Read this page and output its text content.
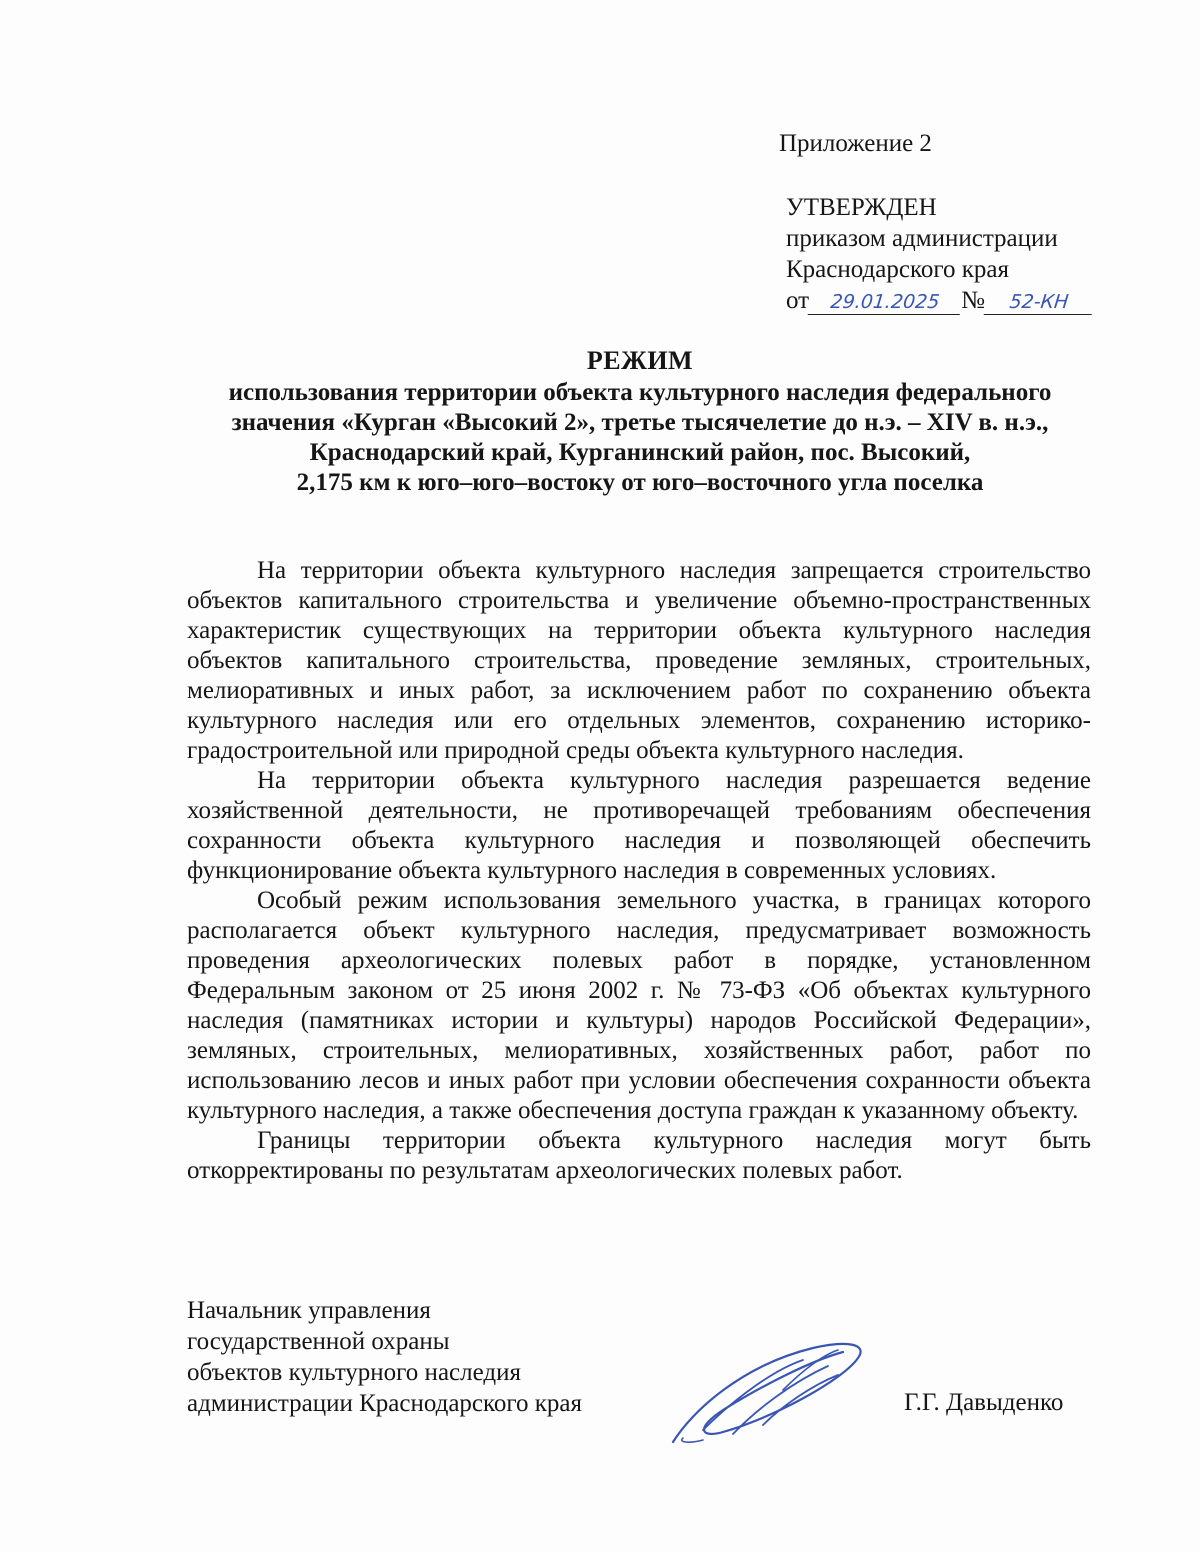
Приложение 2
УТВЕРЖДЕН
приказом администрации
Краснодарского края
от 29.01.2025 № 52-КН
РЕЖИМ
использования территории объекта культурного наследия федерального
значения «Курган «Высокий 2», третье тысячелетие до н.э. – XIV в. н.э.,
Краснодарский край, Курганинский район, пос. Высокий,
2,175 км к юго–юго–востоку от юго–восточного угла поселка

На территории объекта культурного наследия запрещается строительство объектов капитального строительства и увеличение объемно-пространственных характеристик существующих на территории объекта культурного наследия объектов капитального строительства, проведение земляных, строительных, мелиоративных и иных работ, за исключением работ по сохранению объекта культурного наследия или его отдельных элементов, сохранению историко-градостроительной или природной среды объекта культурного наследия.

На территории объекта культурного наследия разрешается ведение хозяйственной деятельности, не противоречащей требованиям обеспечения сохранности объекта культурного наследия и позволяющей обеспечить функционирование объекта культурного наследия в современных условиях.

Особый режим использования земельного участка, в границах которого располагается объект культурного наследия, предусматривает возможность проведения археологических полевых работ в порядке, установленном Федеральным законом от 25 июня 2002 г. № 73-ФЗ «Об объектах культурного наследия (памятниках истории и культуры) народов Российской Федерации», земляных, строительных, мелиоративных, хозяйственных работ, работ по использованию лесов и иных работ при условии обеспечения сохранности объекта культурного наследия, а также обеспечения доступа граждан к указанному объекту.

Границы территории объекта культурного наследия могут быть откорректированы по результатам археологических полевых работ.

Начальник управления
государственной охраны
объектов культурного наследия
администрации Краснодарского края	Г.Г. Давыденко
